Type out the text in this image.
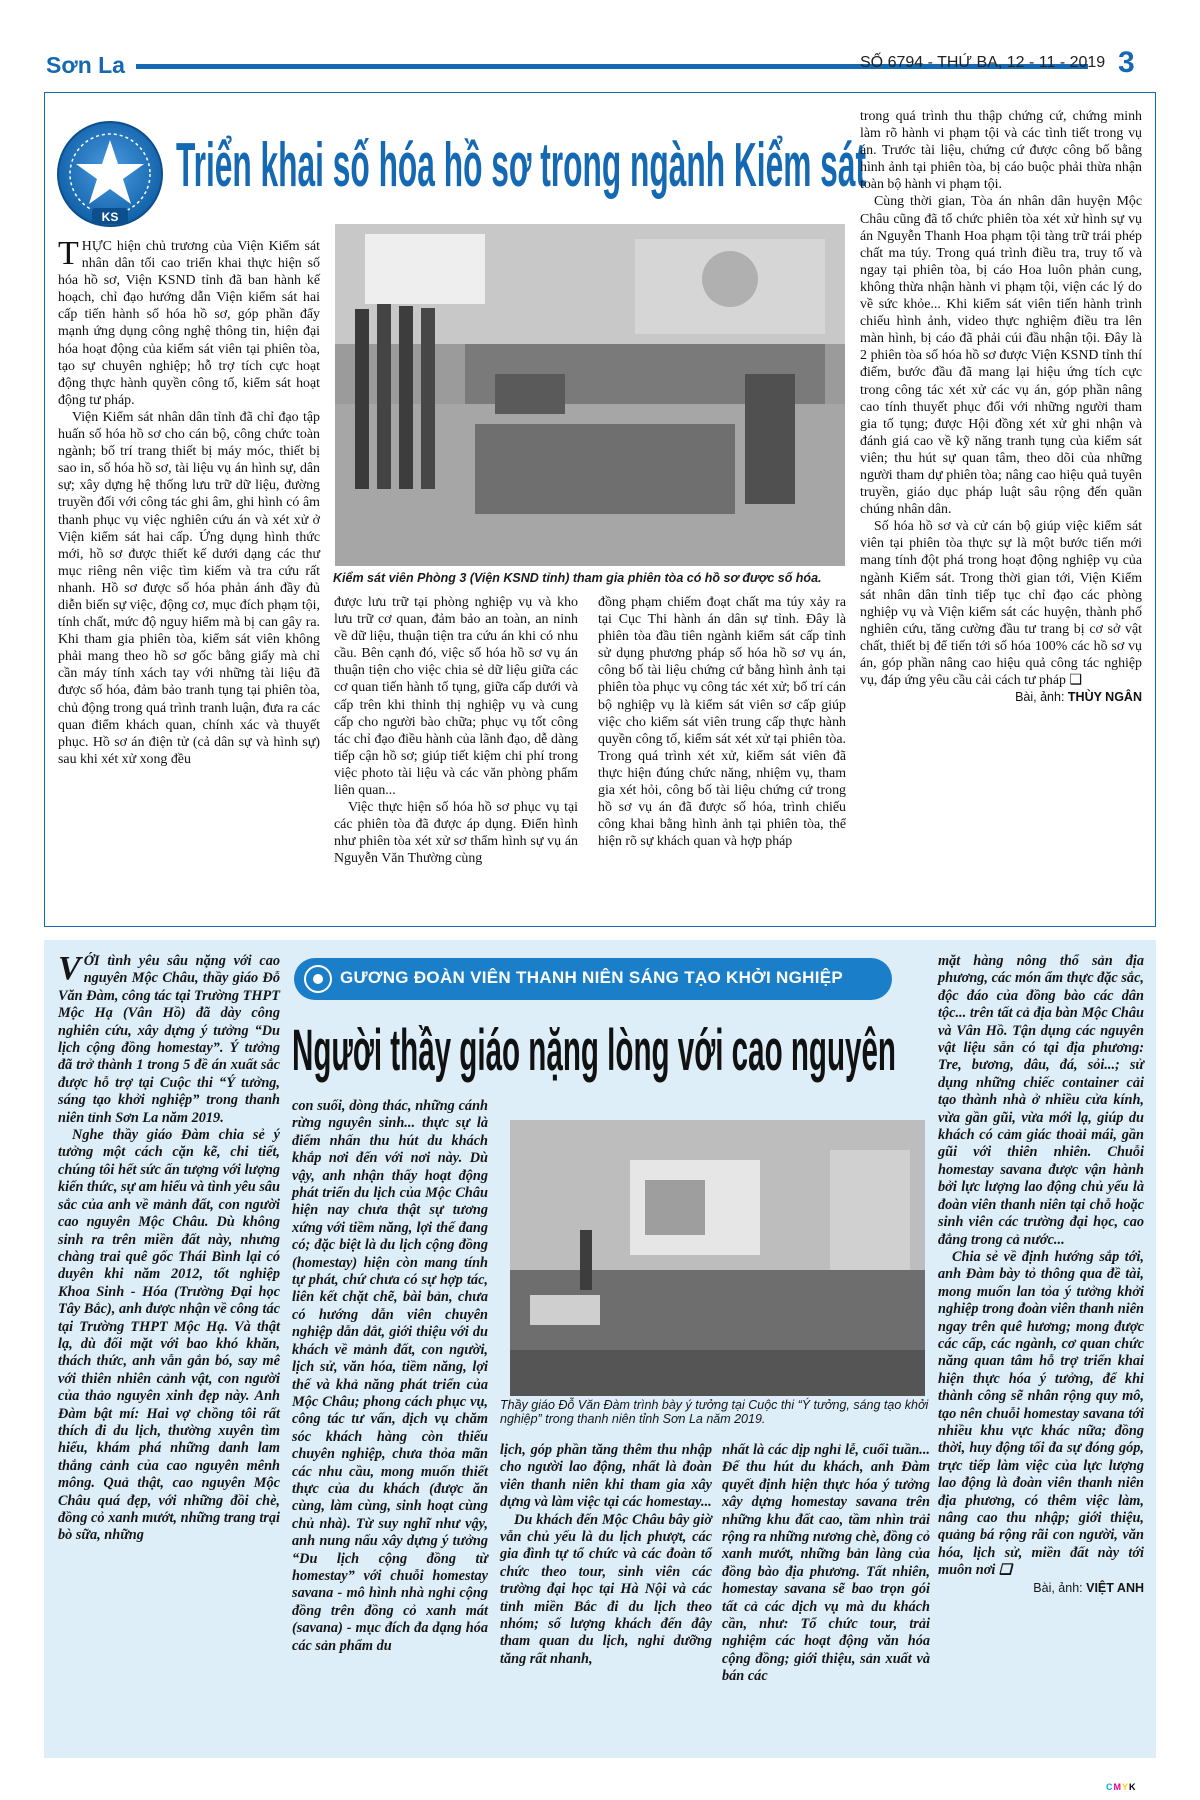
Sơn La	SỐ 6794 - THỨ BA, 12 - 11 - 2019 3
KS
Triển khai số hóa hồ sơ trong ngành Kiểm sát

THỰC hiện chủ trương của Viện Kiểm sát nhân dân tối cao triển khai thực hiện số hóa hồ sơ, Viện KSND tỉnh đã ban hành kế hoạch, chỉ đạo hướng dẫn Viện kiểm sát hai cấp tiến hành số hóa hồ sơ, góp phần đẩy mạnh ứng dụng công nghệ thông tin, hiện đại hóa hoạt động của kiểm sát viên tại phiên tòa, tạo sự chuyên nghiệp; hỗ trợ tích cực hoạt động thực hành quyền công tố, kiểm sát hoạt động tư pháp.

Viện Kiểm sát nhân dân tỉnh đã chỉ đạo tập huấn số hóa hồ sơ cho cán bộ, công chức toàn ngành; bố trí trang thiết bị máy móc, thiết bị sao in, số hóa hồ sơ, tài liệu vụ án hình sự, dân sự; xây dựng hệ thống lưu trữ dữ liệu, đường truyền đối với công tác ghi âm, ghi hình có âm thanh phục vụ việc nghiên cứu án và xét xử ở Viện kiểm sát hai cấp. Ứng dụng hình thức mới, hồ sơ được thiết kế dưới dạng các thư mục riêng nên việc tìm kiếm và tra cứu rất nhanh. Hồ sơ được số hóa phản ánh đầy đủ diễn biến sự việc, động cơ, mục đích phạm tội, tính chất, mức độ nguy hiểm mà bị can gây ra. Khi tham gia phiên tòa, kiểm sát viên không phải mang theo hồ sơ gốc bằng giấy mà chỉ cần máy tính xách tay với những tài liệu đã được số hóa, đảm bảo tranh tụng tại phiên tòa, chủ động trong quá trình tranh luận, đưa ra các quan điểm khách quan, chính xác và thuyết phục. Hồ sơ án điện tử (cả dân sự và hình sự) sau khi xét xử xong đều

Kiểm sát viên Phòng 3 (Viện KSND tỉnh) tham gia phiên tòa có hồ sơ được số hóa.

được lưu trữ tại phòng nghiệp vụ và kho lưu trữ cơ quan, đảm bảo an toàn, an ninh về dữ liệu, thuận tiện tra cứu án khi có nhu cầu. Bên cạnh đó, việc số hóa hồ sơ vụ án thuận tiện cho việc chia sẻ dữ liệu giữa các cơ quan tiến hành tố tụng, giữa cấp dưới và cấp trên khi thỉnh thị nghiệp vụ và cung cấp cho người bào chữa; phục vụ tốt công tác chỉ đạo điều hành của lãnh đạo, dễ dàng tiếp cận hồ sơ; giúp tiết kiệm chi phí trong việc photo tài liệu và các văn phòng phẩm liên quan...

Việc thực hiện số hóa hồ sơ phục vụ tại các phiên tòa đã được áp dụng. Điển hình như phiên tòa xét xử sơ thẩm hình sự vụ án Nguyễn Văn Thường cùng

đồng phạm chiếm đoạt chất ma túy xảy ra tại Cục Thi hành án dân sự tỉnh. Đây là phiên tòa đầu tiên ngành kiểm sát cấp tỉnh sử dụng phương pháp số hóa hồ sơ vụ án, công bố tài liệu chứng cứ bằng hình ảnh tại phiên tòa phục vụ công tác xét xử; bố trí cán bộ nghiệp vụ là kiểm sát viên sơ cấp giúp việc cho kiểm sát viên trung cấp thực hành quyền công tố, kiểm sát xét xử tại phiên tòa. Trong quá trình xét xử, kiểm sát viên đã thực hiện đúng chức năng, nhiệm vụ, tham gia xét hỏi, công bố tài liệu chứng cứ trong hồ sơ vụ án đã được số hóa, trình chiếu công khai bằng hình ảnh tại phiên tòa, thể hiện rõ sự khách quan và hợp pháp

trong quá trình thu thập chứng cứ, chứng minh làm rõ hành vi phạm tội và các tình tiết trong vụ án. Trước tài liệu, chứng cứ được công bố bằng hình ảnh tại phiên tòa, bị cáo buộc phải thừa nhận toàn bộ hành vi phạm tội.

Cùng thời gian, Tòa án nhân dân huyện Mộc Châu cũng đã tổ chức phiên tòa xét xử hình sự vụ án Nguyễn Thanh Hoa phạm tội tàng trữ trái phép chất ma túy. Trong quá trình điều tra, truy tố và ngay tại phiên tòa, bị cáo Hoa luôn phản cung, không thừa nhận hành vi phạm tội, viện các lý do về sức khỏe... Khi kiểm sát viên tiến hành trình chiếu hình ảnh, video thực nghiệm điều tra lên màn hình, bị cáo đã phải cúi đầu nhận tội. Đây là 2 phiên tòa số hóa hồ sơ được Viện KSND tỉnh thí điểm, bước đầu đã mang lại hiệu ứng tích cực trong công tác xét xử các vụ án, góp phần nâng cao tính thuyết phục đối với những người tham gia tố tụng; được Hội đồng xét xử ghi nhận và đánh giá cao về kỹ năng tranh tụng của kiểm sát viên; thu hút sự quan tâm, theo dõi của những người tham dự phiên tòa; nâng cao hiệu quả tuyên truyền, giáo dục pháp luật sâu rộng đến quần chúng nhân dân.

Số hóa hồ sơ và cử cán bộ giúp việc kiểm sát viên tại phiên tòa thực sự là một bước tiến mới mang tính đột phá trong hoạt động nghiệp vụ của ngành Kiểm sát. Trong thời gian tới, Viện Kiểm sát nhân dân tỉnh tiếp tục chỉ đạo các phòng nghiệp vụ và Viện kiểm sát các huyện, thành phố nghiên cứu, tăng cường đầu tư trang bị cơ sở vật chất, thiết bị để tiến tới số hóa 100% các hồ sơ vụ án, góp phần nâng cao hiệu quả công tác nghiệp vụ, đáp ứng yêu cầu cải cách tư pháp ❑

Bài, ảnh: THÙY NGÂN
GƯƠNG ĐOÀN VIÊN THANH NIÊN SÁNG TẠO KHỞI NGHIỆP
Người thầy giáo nặng lòng với cao nguyên

VỚI tình yêu sâu nặng với cao nguyên Mộc Châu, thầy giáo Đỗ Văn Đàm, công tác tại Trường THPT Mộc Hạ (Vân Hồ) đã dày công nghiên cứu, xây dựng ý tưởng “Du lịch cộng đồng homestay”. Ý tưởng đã trở thành 1 trong 5 đề án xuất sắc được hỗ trợ tại Cuộc thi “Ý tưởng, sáng tạo khởi nghiệp” trong thanh niên tỉnh Sơn La năm 2019.

Nghe thầy giáo Đàm chia sẻ ý tưởng một cách cặn kẽ, chi tiết, chúng tôi hết sức ấn tượng với lượng kiến thức, sự am hiểu và tình yêu sâu sắc của anh về mảnh đất, con người cao nguyên Mộc Châu. Dù không sinh ra trên miền đất này, nhưng chàng trai quê gốc Thái Bình lại có duyên khi năm 2012, tốt nghiệp Khoa Sinh - Hóa (Trường Đại học Tây Bắc), anh được nhận về công tác tại Trường THPT Mộc Hạ. Và thật lạ, dù đối mặt với bao khó khăn, thách thức, anh vẫn gắn bó, say mê với thiên nhiên cảnh vật, con người của thảo nguyên xinh đẹp này. Anh Đàm bật mí: Hai vợ chồng tôi rất thích đi du lịch, thường xuyên tìm hiểu, khám phá những danh lam thắng cảnh của cao nguyên mênh mông. Quả thật, cao nguyên Mộc Châu quá đẹp, với những đồi chè, đồng cỏ xanh mướt, những trang trại bò sữa, những

con suối, dòng thác, những cánh rừng nguyên sinh... thực sự là điểm nhấn thu hút du khách khắp nơi đến với nơi này. Dù vậy, anh nhận thấy hoạt động phát triển du lịch của Mộc Châu hiện nay chưa thật sự tương xứng với tiềm năng, lợi thế đang có; đặc biệt là du lịch cộng đồng (homestay) hiện còn mang tính tự phát, chứ chưa có sự hợp tác, liên kết chặt chẽ, bài bản, chưa có hướng dẫn viên chuyên nghiệp dẫn dắt, giới thiệu với du khách về mảnh đất, con người, lịch sử, văn hóa, tiềm năng, lợi thế và khả năng phát triển của Mộc Châu; phong cách phục vụ, công tác tư vấn, dịch vụ chăm sóc khách hàng còn thiếu chuyên nghiệp, chưa thỏa mãn các nhu cầu, mong muốn thiết thực của du khách (được ăn cùng, làm cùng, sinh hoạt cùng chủ nhà). Từ suy nghĩ như vậy, anh nung nấu xây dựng ý tưởng “Du lịch cộng đồng từ homestay” với chuỗi homestay savana - mô hình nhà nghỉ cộng đồng trên đồng cỏ xanh mát (savana) - mục đích đa dạng hóa các sản phẩm du

Thầy giáo Đỗ Văn Đàm trình bày ý tưởng tại Cuộc thi “Ý tưởng, sáng tạo khởi nghiệp” trong thanh niên tỉnh Sơn La năm 2019.

lịch, góp phần tăng thêm thu nhập cho người lao động, nhất là đoàn viên thanh niên khi tham gia xây dựng và làm việc tại các homestay...

Du khách đến Mộc Châu bây giờ vẫn chủ yếu là du lịch phượt, các gia đình tự tổ chức và các đoàn tổ chức theo tour, sinh viên các trường đại học tại Hà Nội và các tỉnh miền Bắc đi du lịch theo nhóm; số lượng khách đến đây tham quan du lịch, nghỉ dưỡng tăng rất nhanh,

nhất là các dịp nghỉ lễ, cuối tuần... Để thu hút du khách, anh Đàm quyết định hiện thực hóa ý tưởng xây dựng homestay savana trên những khu đất cao, tầm nhìn trải rộng ra những nương chè, đồng cỏ xanh mướt, những bản làng của đồng bào địa phương. Tất nhiên, homestay savana sẽ bao trọn gói tất cả các dịch vụ mà du khách cần, như: Tổ chức tour, trải nghiệm các hoạt động văn hóa cộng đồng; giới thiệu, sản xuất và bán các

mặt hàng nông thổ sản địa phương, các món ẩm thực đặc sắc, độc đáo của đồng bào các dân tộc... trên tất cả địa bàn Mộc Châu và Vân Hồ. Tận dụng các nguyên vật liệu sẵn có tại địa phương: Tre, bương, dâu, đá, sỏi...; sử dụng những chiếc container cải tạo thành nhà ở nhiều cửa kính, vừa gần gũi, vừa mới lạ, giúp du khách có cảm giác thoải mái, gần gũi với thiên nhiên. Chuỗi homestay savana được vận hành bởi lực lượng lao động chủ yếu là đoàn viên thanh niên tại chỗ hoặc sinh viên các trường đại học, cao đẳng trong cả nước...

Chia sẻ về định hướng sắp tới, anh Đàm bày tỏ thông qua đề tài, mong muốn lan tỏa ý tưởng khởi nghiệp trong đoàn viên thanh niên ngay trên quê hương; mong được các cấp, các ngành, cơ quan chức năng quan tâm hỗ trợ triển khai hiện thực hóa ý tưởng, để khi thành công sẽ nhân rộng quy mô, tạo nên chuỗi homestay savana tới nhiều khu vực khác nữa; đồng thời, huy động tối đa sự đóng góp, trực tiếp làm việc của lực lượng lao động là đoàn viên thanh niên địa phương, có thêm việc làm, nâng cao thu nhập; giới thiệu, quảng bá rộng rãi con người, văn hóa, lịch sử, miền đất này tới muôn nơi ❑

Bài, ảnh: VIỆT ANH
CMYK
